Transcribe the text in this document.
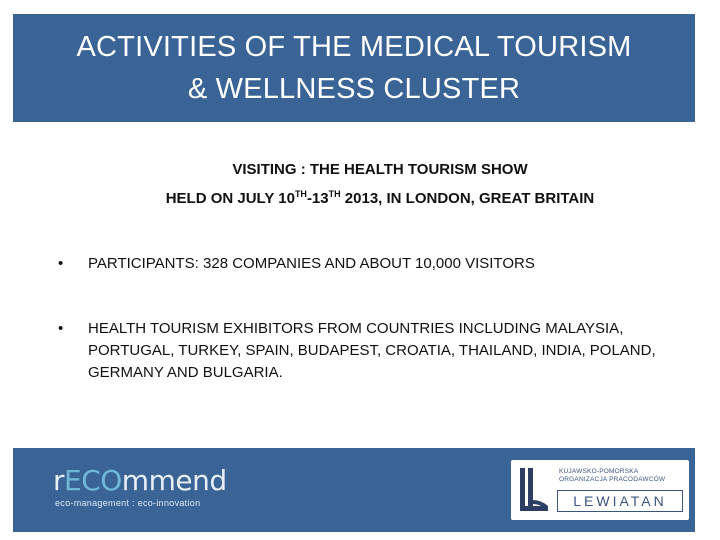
ACTIVITIES OF THE MEDICAL TOURISM
& WELLNESS CLUSTER
VISITING : THE HEALTH TOURISM SHOW
HELD ON JULY 10TH-13TH 2013, IN LONDON, GREAT BRITAIN
• PARTICIPANTS: 328 COMPANIES AND ABOUT 10,000 VISITORS
• HEALTH TOURISM EXHIBITORS FROM COUNTRIES INCLUDING MALAYSIA, PORTUGAL, TURKEY, SPAIN, BUDAPEST, CROATIA, THAILAND, INDIA, POLAND, GERMANY AND BULGARIA.
rECOmmend
eco-management : eco-innovation
KUJAWSKO-POMORSKA
ORGANIZACJA PRACODAWCÓW
LEWIATAN
